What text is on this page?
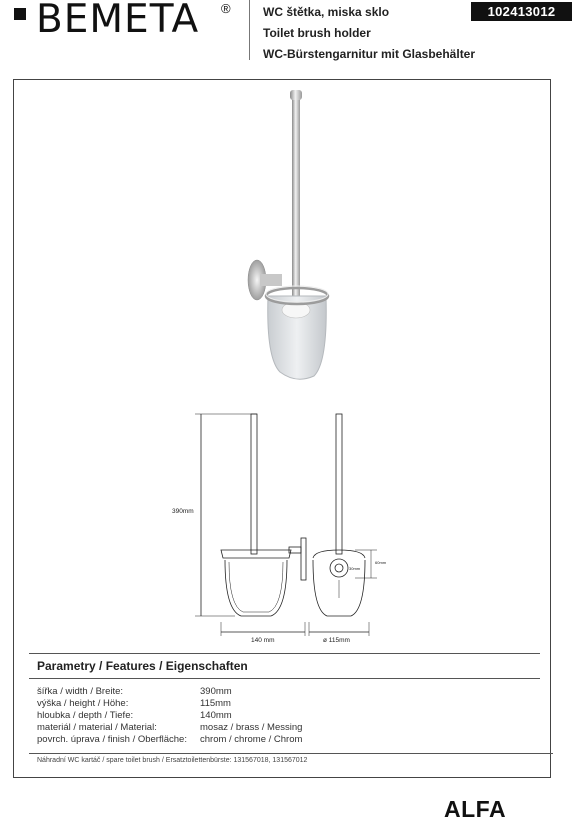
BEMETA ®	WC štětka, miska sklo
Toilet brush holder
WC-Bürstengarnitur mit Glasbehälter
102413012
390mm
140 mm	ø 115mm
60mm
30mm
Parametry / Features / Eigenschaften
šířka / width / Breite:	390mm
výška / height / Höhe:	115mm
hloubka / depth / Tiefe:	140mm
materiál / material / Material:	mosaz / brass / Messing
povrch. úprava / finish / Oberfläche: chrom / chrome / Chrom
Náhradní WC kartáč / spare toilet brush / Ersatztoilettenbürste: 131567018, 131567012
ALFA
